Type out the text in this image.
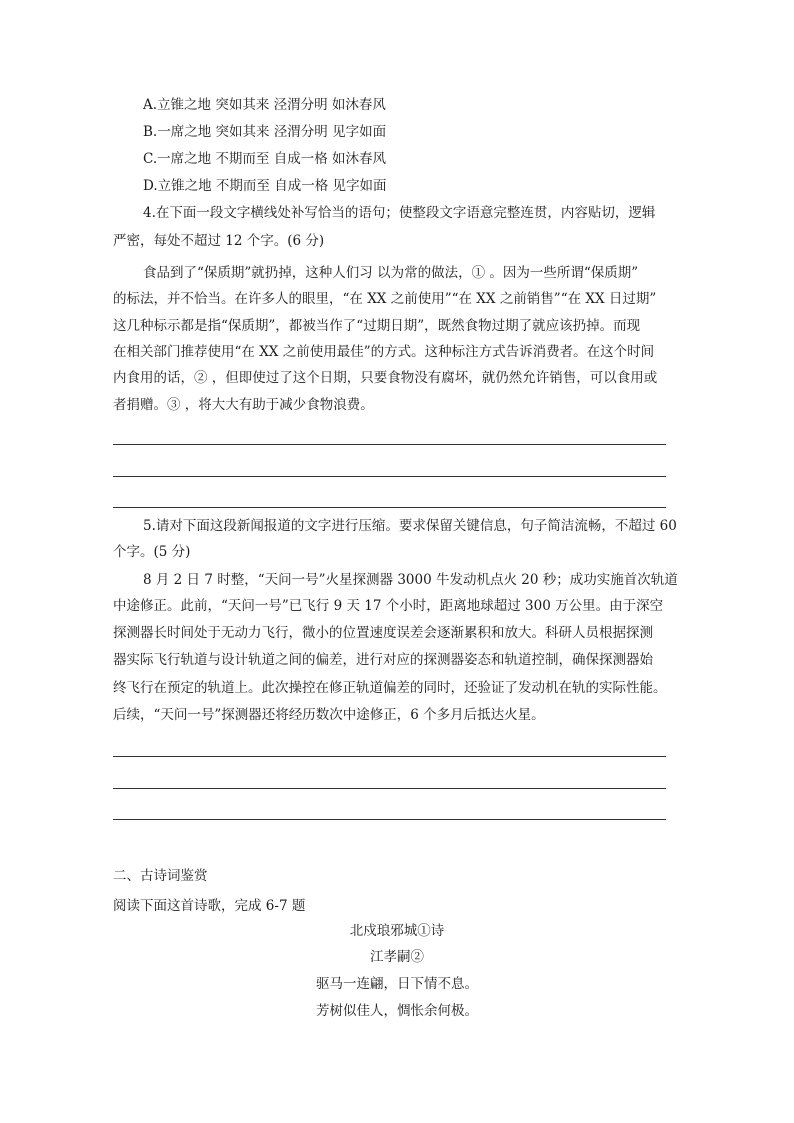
A.立锥之地 突如其来 泾渭分明 如沐春风
B.一席之地 突如其来 泾渭分明 见字如面
C.一席之地 不期而至 自成一格 如沐春风
D.立锥之地 不期而至 自成一格 见字如面
4.在下面一段文字横线处补写恰当的语句；使整段文字语意完整连贯，内容贴切，逻辑
严密，每处不超过 12 个字。(6 分)
食品到了“保质期”就扔掉，这种人们习 以为常的做法，① 。因为一些所谓“保质期”
的标法，并不恰当。在许多人的眼里，“在 XX 之前使用”“在 XX 之前销售”“在 XX 日过期”
这几种标示都是指“保质期”，都被当作了“过期日期”，既然食物过期了就应该扔掉。而现
在相关部门推荐使用“在 XX 之前使用最佳”的方式。这种标注方式告诉消费者。在这个时间
内食用的话，② ，但即使过了这个日期，只要食物没有腐坏，就仍然允许销售，可以食用或
者捐赠。③ ，将大大有助于减少食物浪费。
5.请对下面这段新闻报道的文字进行压缩。要求保留关键信息，句子简洁流畅，不超过 60
个字。(5 分)
8 月 2 日 7 时整，“天问一号”火星探测器 3000 牛发动机点火 20 秒；成功实施首次轨道
中途修正。此前，“天问一号”已飞行 9 天 17 个小时，距离地球超过 300 万公里。由于深空
探测器长时间处于无动力飞行，微小的位置速度误差会逐渐累积和放大。科研人员根据探测
器实际飞行轨道与设计轨道之间的偏差，进行对应的探测器姿态和轨道控制，确保探测器始
终飞行在预定的轨道上。此次操控在修正轨道偏差的同时，还验证了发动机在轨的实际性能。
后续，“天问一号”探测器还将经历数次中途修正，6 个多月后抵达火星。
二、古诗词鉴赏
阅读下面这首诗歌，完成 6-7 题
北戍琅邪城①诗
江孝嗣②
驱马一连翩，日下情不息。
芳树似佳人，惆怅余何极。
